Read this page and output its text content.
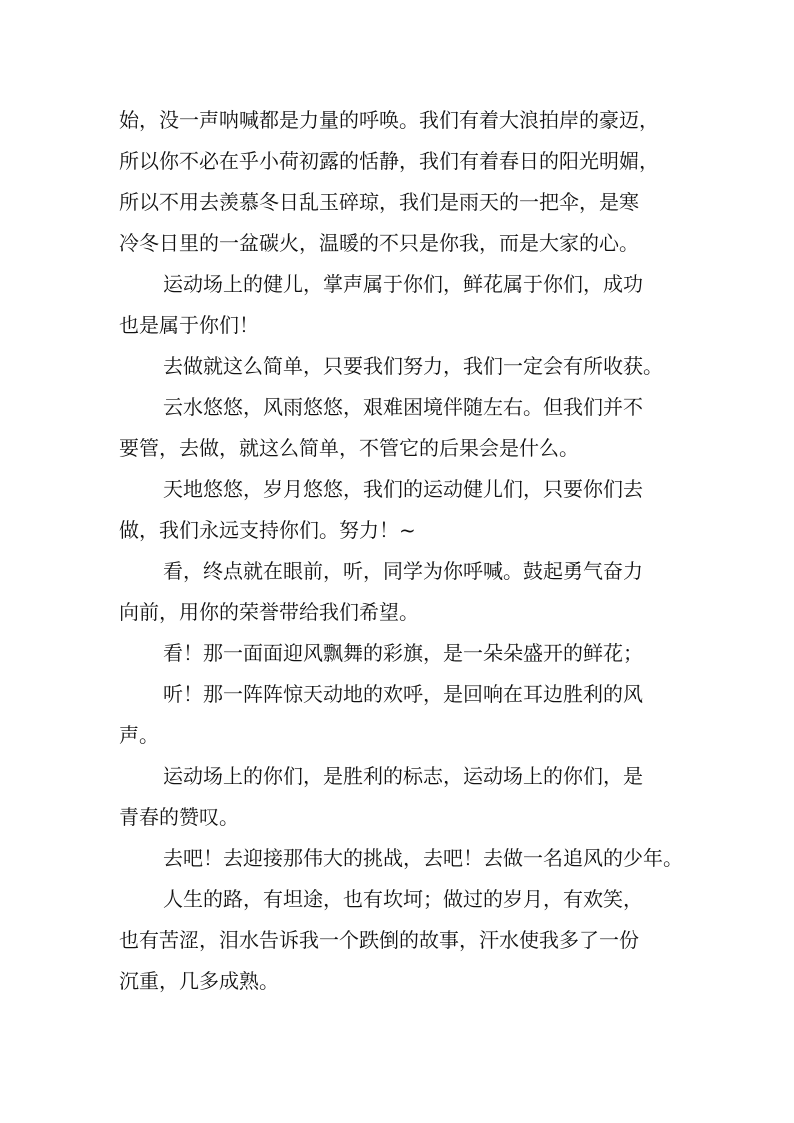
始，没一声呐喊都是力量的呼唤。我们有着大浪拍岸的豪迈，
所以你不必在乎小荷初露的恬静，我们有着春日的阳光明媚，
所以不用去羡慕冬日乱玉碎琼，我们是雨天的一把伞，是寒
冷冬日里的一盆碳火，温暖的不只是你我，而是大家的心。
运动场上的健儿，掌声属于你们，鲜花属于你们，成功
也是属于你们！
去做就这么简单，只要我们努力，我们一定会有所收获。
云水悠悠，风雨悠悠，艰难困境伴随左右。但我们并不
要管，去做，就这么简单，不管它的后果会是什么。
天地悠悠，岁月悠悠，我们的运动健儿们，只要你们去
做，我们永远支持你们。努力！~
看，终点就在眼前，听，同学为你呼喊。鼓起勇气奋力
向前，用你的荣誉带给我们希望。
看！那一面面迎风飘舞的彩旗，是一朵朵盛开的鲜花；
听！那一阵阵惊天动地的欢呼，是回响在耳边胜利的风
声。
运动场上的你们，是胜利的标志，运动场上的你们，是
青春的赞叹。
去吧！去迎接那伟大的挑战，去吧！去做一名追风的少年。
人生的路，有坦途，也有坎坷；做过的岁月，有欢笑，
也有苦涩，泪水告诉我一个跌倒的故事，汗水使我多了一份
沉重，几多成熟。
